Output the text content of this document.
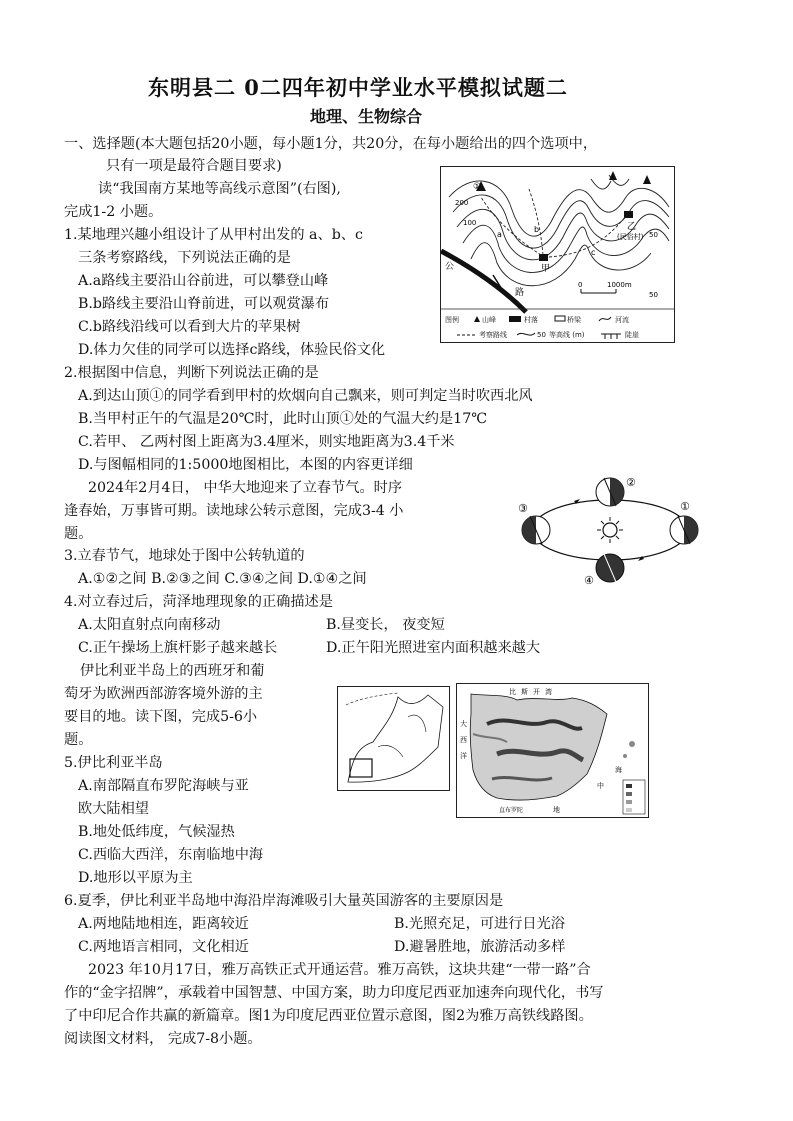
东明县二 0二四年初中学业水平模拟试题二
地理、生物综合
一、选择题(本大题包括20小题，每小题1分，共20分，在每小题给出的四个选项中，
只有一项是最符合题目要求)
读“我国南方某地等高线示意图”(右图),
完成1-2 小题。
1.某地理兴趣小组设计了从甲村出发的 a、b、c
三条考察路线，下列说法正确的是
A.a路线主要沿山谷前进，可以攀登山峰
B.b路线主要沿山脊前进，可以观赏瀑布
C.b路线沿线可以看到大片的苹果树
D.体力欠佳的同学可以选择c路线，体验民俗文化
2.根据图中信息，判断下列说法正确的是
A.到达山顶①的同学看到甲村的炊烟向自己飘来，则可判定当时吹西北风
B.当甲村正午的气温是20℃时，此时山顶①处的气温大约是17℃
C.若甲、 乙两村图上距离为3.4厘米，则实地距离为3.4千米
D.与图幅相同的1:5000地图相比，本图的内容更详细
2024年2月4日， 中华大地迎来了立春节气。时序
逢春始，万事皆可期。读地球公转示意图，完成3-4 小
题。
3.立春节气，地球处于图中公转轨道的
A.①②之间 B.②③之间 C.③④之间 D.①④之间
4.对立春过后，菏泽地理现象的正确描述是
A.太阳直射点向南移动	B.昼变长， 夜变短
C.正午操场上旗杆影子越来越长	D.正午阳光照进室内面积越来越大
伊比利亚半岛上的西班牙和葡
萄牙为欧洲西部游客境外游的主
要目的地。读下图，完成5-6小
题。
5.伊比利亚半岛
A.南部隔直布罗陀海峡与亚
欧大陆相望
B.地处低纬度，气候湿热
C.西临大西洋，东南临地中海
D.地形以平原为主
6.夏季，伊比利亚半岛地中海沿岸海滩吸引大量英国游客的主要原因是
A.两地陆地相连，距离较近	B.光照充足，可进行日光浴
C.两地语言相同，文化相近	D.避暑胜地，旅游活动多样
2023 年10月17日，雅万高铁正式开通运营。雅万高铁，这块共建“一带一路”合
作的“金字招牌”，承载着中国智慧、中国方案，助力印度尼西亚加速奔向现代化，书写
了中印尼合作共赢的新篇章。图1为印度尼西亚位置示意图，图2为雅万高铁线路图。
阅读图文材料， 完成7-8小题。
①
甲
乙
(民俗村)
200
100
50
50
a
b
c
公
路
0	1000m
图例	山峰	村落	桥梁	河流
考察路线	50 等高线 (m)	陡崖
②
①
③
④
比 斯 开 湾
大
西
洋
直布罗陀	地
中
海
